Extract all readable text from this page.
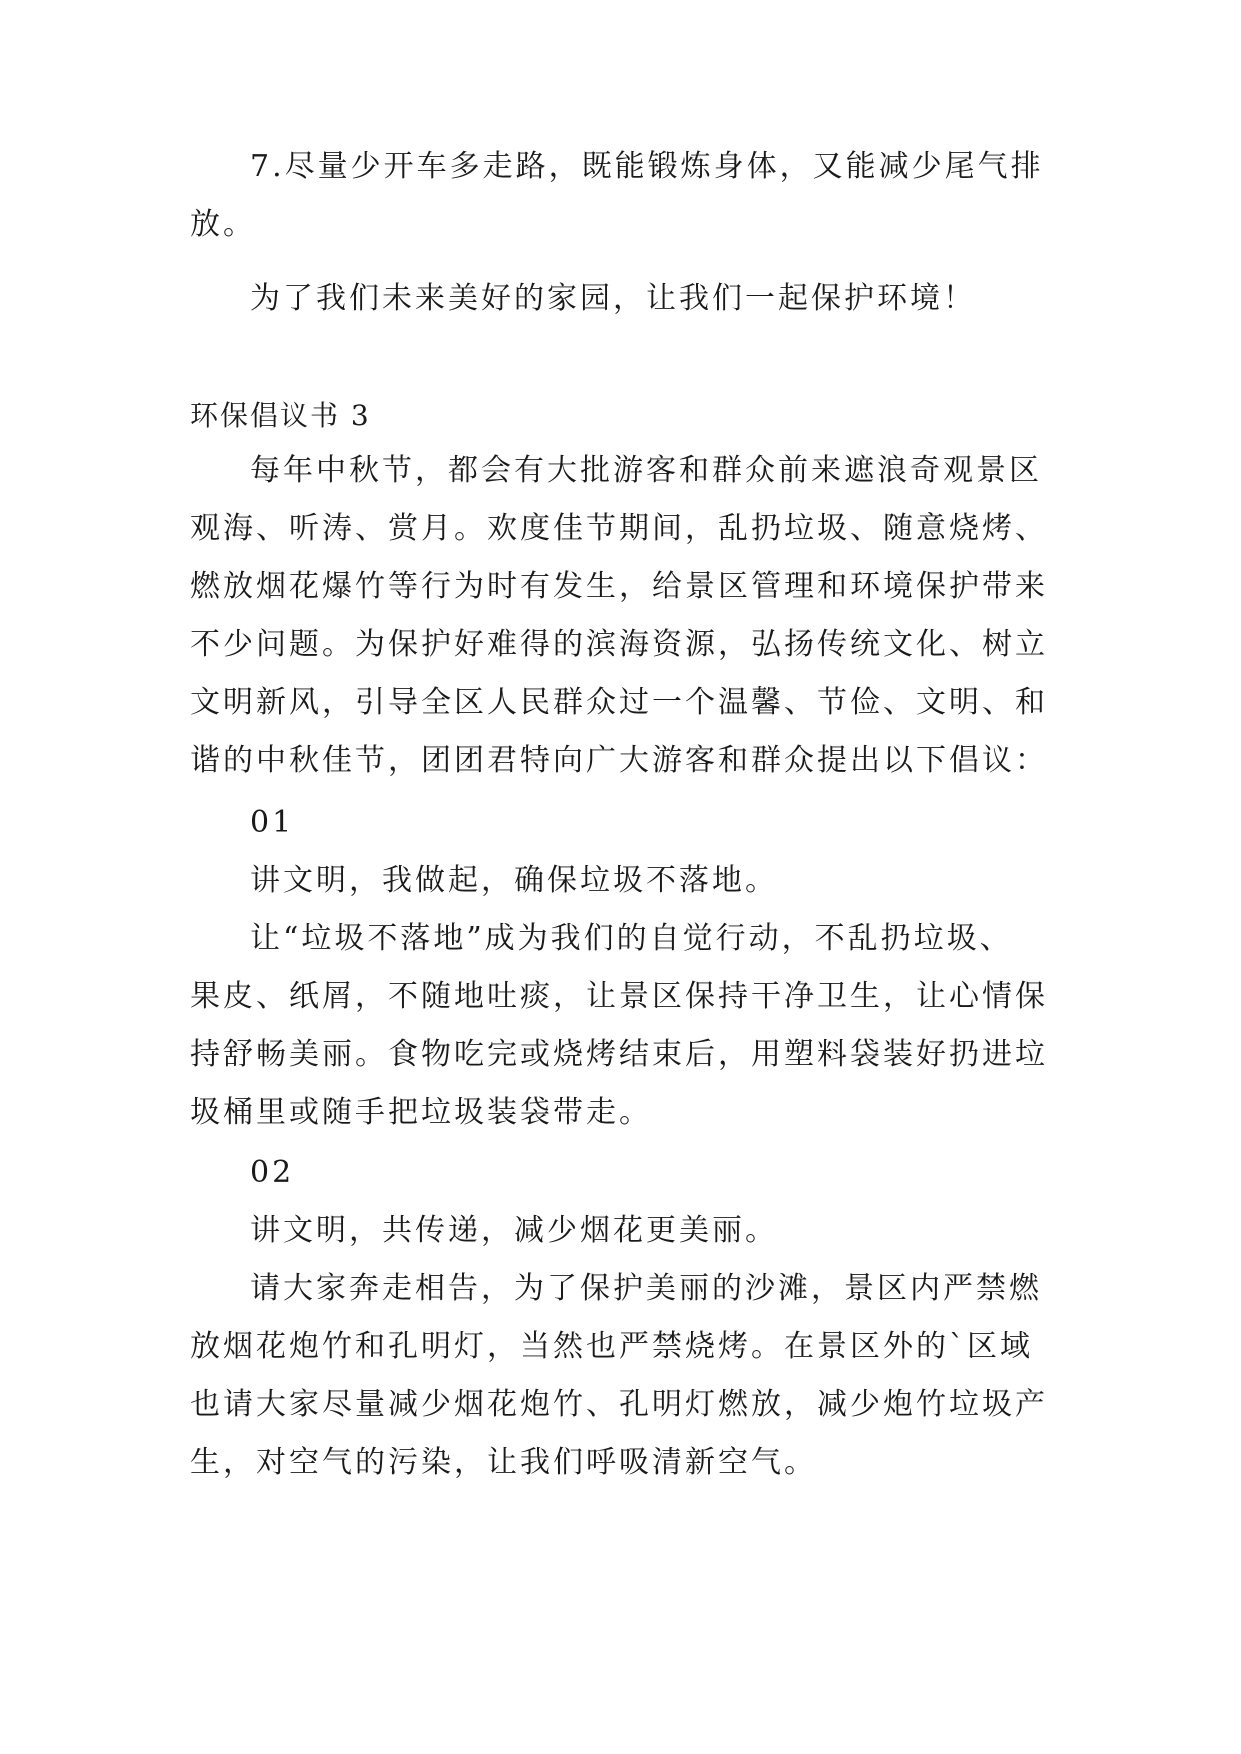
7.尽量少开车多走路，既能锻炼身体，又能减少尾气排
放。
为了我们未来美好的家园，让我们一起保护环境！
环保倡议书 3
每年中秋节，都会有大批游客和群众前来遮浪奇观景区
观海、听涛、赏月。欢度佳节期间，乱扔垃圾、随意烧烤、
燃放烟花爆竹等行为时有发生，给景区管理和环境保护带来
不少问题。为保护好难得的滨海资源，弘扬传统文化、树立
文明新风，引导全区人民群众过一个温馨、节俭、文明、和
谐的中秋佳节，团团君特向广大游客和群众提出以下倡议：
01
讲文明，我做起，确保垃圾不落地。
让“垃圾不落地”成为我们的自觉行动，不乱扔垃圾、
果皮、纸屑，不随地吐痰，让景区保持干净卫生，让心情保
持舒畅美丽。食物吃完或烧烤结束后，用塑料袋装好扔进垃
圾桶里或随手把垃圾装袋带走。
02
讲文明，共传递，减少烟花更美丽。
请大家奔走相告，为了保护美丽的沙滩，景区内严禁燃
放烟花炮竹和孔明灯，当然也严禁烧烤。在景区外的`区域
也请大家尽量减少烟花炮竹、孔明灯燃放，减少炮竹垃圾产
生，对空气的污染，让我们呼吸清新空气。
